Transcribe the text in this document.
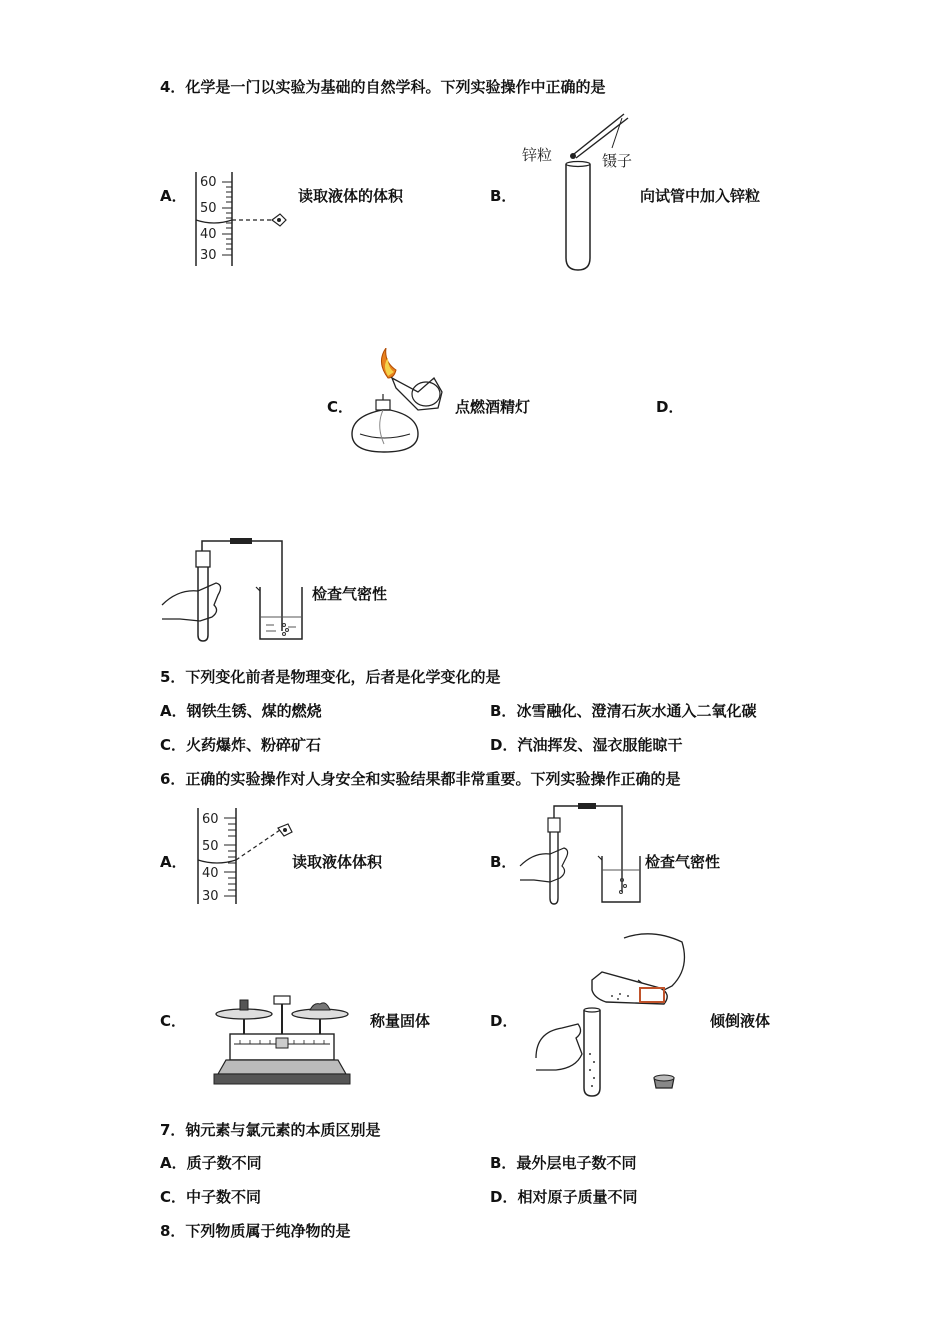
4．化学是一门以实验为基础的自然学科。下列实验操作中正确的是
A．
60
50
40
30
读取液体的体积	B．
锌粒	镊子
向试管中加入锌粒
C．	点燃酒精灯	D．
检查气密性
5．下列变化前者是物理变化，后者是化学变化的是
A．钢铁生锈、煤的燃烧	B．冰雪融化、澄清石灰水通入二氧化碳
C．火药爆炸、粉碎矿石	D．汽油挥发、湿衣服能晾干
6．正确的实验操作对人身安全和实验结果都非常重要。下列实验操作正确的是
A．
60
50
40
30
读取液体体积	B．	检查气密性
C．	称量固体	D．	倾倒液体
7．钠元素与氯元素的本质区别是
A．质子数不同	B．最外层电子数不同
C．中子数不同	D．相对原子质量不同
8．下列物质属于纯净物的是
